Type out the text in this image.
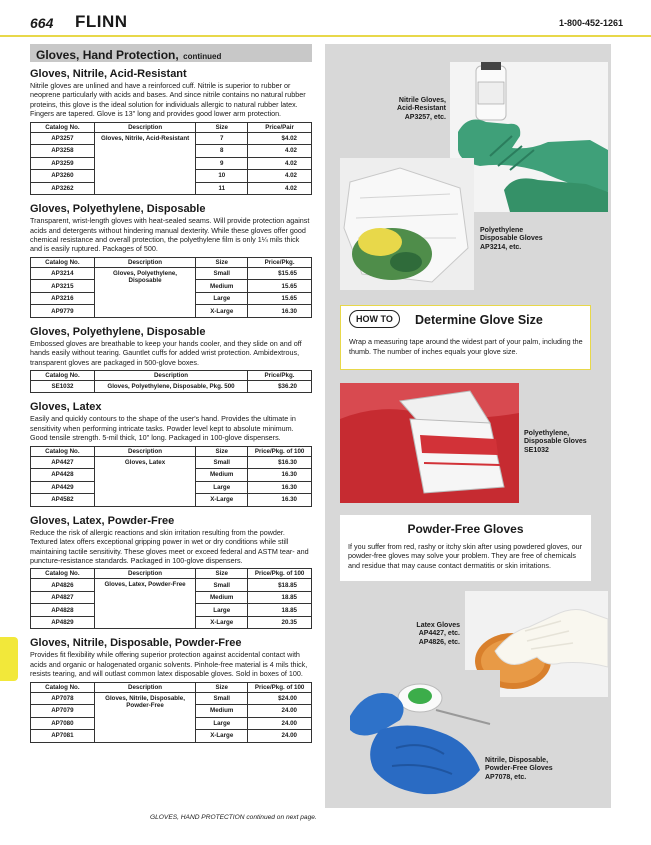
664 FLINN	1-800-452-1261
Gloves, Hand Protection, continued
Gloves, Nitrile, Acid-Resistant

Nitrile gloves are unlined and have a reinforced cuff. Nitrile is superior to rubber or neoprene particularly with acids and bases. And since nitrile contains no natural rubber proteins, this glove is the ideal solution for individuals allergic to natural rubber latex. Fingers are tapered. Glove is 13" long and provides good lower arm protection.

Catalog No.	Description	Size	Price/Pair
AP3257	Gloves, Nitrile, Acid-Resistant	7	$4.02
AP3258		8	4.02
AP3259		9	4.02
AP3260		10	4.02
AP3262		11	4.02
Gloves, Polyethylene, Disposable

Transparent, wrist-length gloves with heat-sealed seams. Will provide protection against acids and detergents without hindering manual dexterity. While these gloves offer good chemical resistance and overall protection, the polyethylene film is only 1¼ mils thick and is easily ruptured. Packages of 500.

Catalog No.	Description	Size	Price/Pkg.
AP3214	Gloves, Polyethylene, Disposable	Small	$15.65
AP3215		Medium	15.65
AP3216		Large	15.65
AP9779		X-Large	16.30
Gloves, Polyethylene, Disposable

Embossed gloves are breathable to keep your hands cooler, and they slide on and off hands easily without tearing. Gauntlet cuffs for added wrist protection. Ambidextrous, transparent gloves are packaged in 500-glove boxes.

Catalog No.	Description	Price/Pkg.
SE1032	Gloves, Polyethylene, Disposable, Pkg. 500	$36.20
Gloves, Latex

Easily and quickly contours to the shape of the user's hand. Provides the ultimate in sensitivity when performing intricate tasks. Powder level kept to absolute minimum. Good tensile strength. 5-mil thick, 10" long. Packaged in 100-glove dispensers.

Catalog No.	Description	Size	Price/Pkg. of 100
AP4427	Gloves, Latex	Small	$16.30
AP4428		Medium	16.30
AP4429		Large	16.30
AP4582		X-Large	16.30
Gloves, Latex, Powder-Free

Reduce the risk of allergic reactions and skin irritation resulting from the powder. Textured latex offers exceptional gripping power in wet or dry conditions while still maintaining tactile sensitivity. These gloves meet or exceed federal and ASTM tear- and puncture-resistance standards. Packaged in 100-glove dispensers.

Catalog No.	Description	Size	Price/Pkg. of 100
AP4826	Gloves, Latex, Powder-Free	Small	$18.85
AP4827		Medium	18.85
AP4828		Large	18.85
AP4829		X-Large	20.35
Gloves, Nitrile, Disposable, Powder-Free

Provides fit flexibility while offering superior protection against accidental contact with acids and organic or halogenated organic solvents. Pinhole-free material is 4 mils thick, resists tearing, and will outlast common latex disposable gloves. Sold in boxes of 100.

Catalog No.	Description	Size	Price/Pkg. of 100
AP7078	Gloves, Nitrile, Disposable, Powder-Free	Small	$24.00
AP7079		Medium	24.00
AP7080		Large	24.00
AP7081		X-Large	24.00
GLOVES, HAND PROTECTION continued on next page.
Nitrile Gloves,
Acid-Resistant
AP3257, etc.
Polyethylene
Disposable Gloves
AP3214, etc.
HOW TO	Determine Glove Size
Wrap a measuring tape around the widest part of your palm, including the thumb. The number of inches equals your glove size.
Polyethylene,
Disposable Gloves
SE1032
Powder-Free Gloves
If you suffer from red, rashy or itchy skin after using powdered gloves, our powder-free gloves may solve your problem. They are free of chemicals and residue that may cause contact dermatitis or skin irritations.
Latex Gloves
AP4427, etc.
AP4826, etc.
Nitrile, Disposable,
Powder-Free Gloves
AP7078, etc.
